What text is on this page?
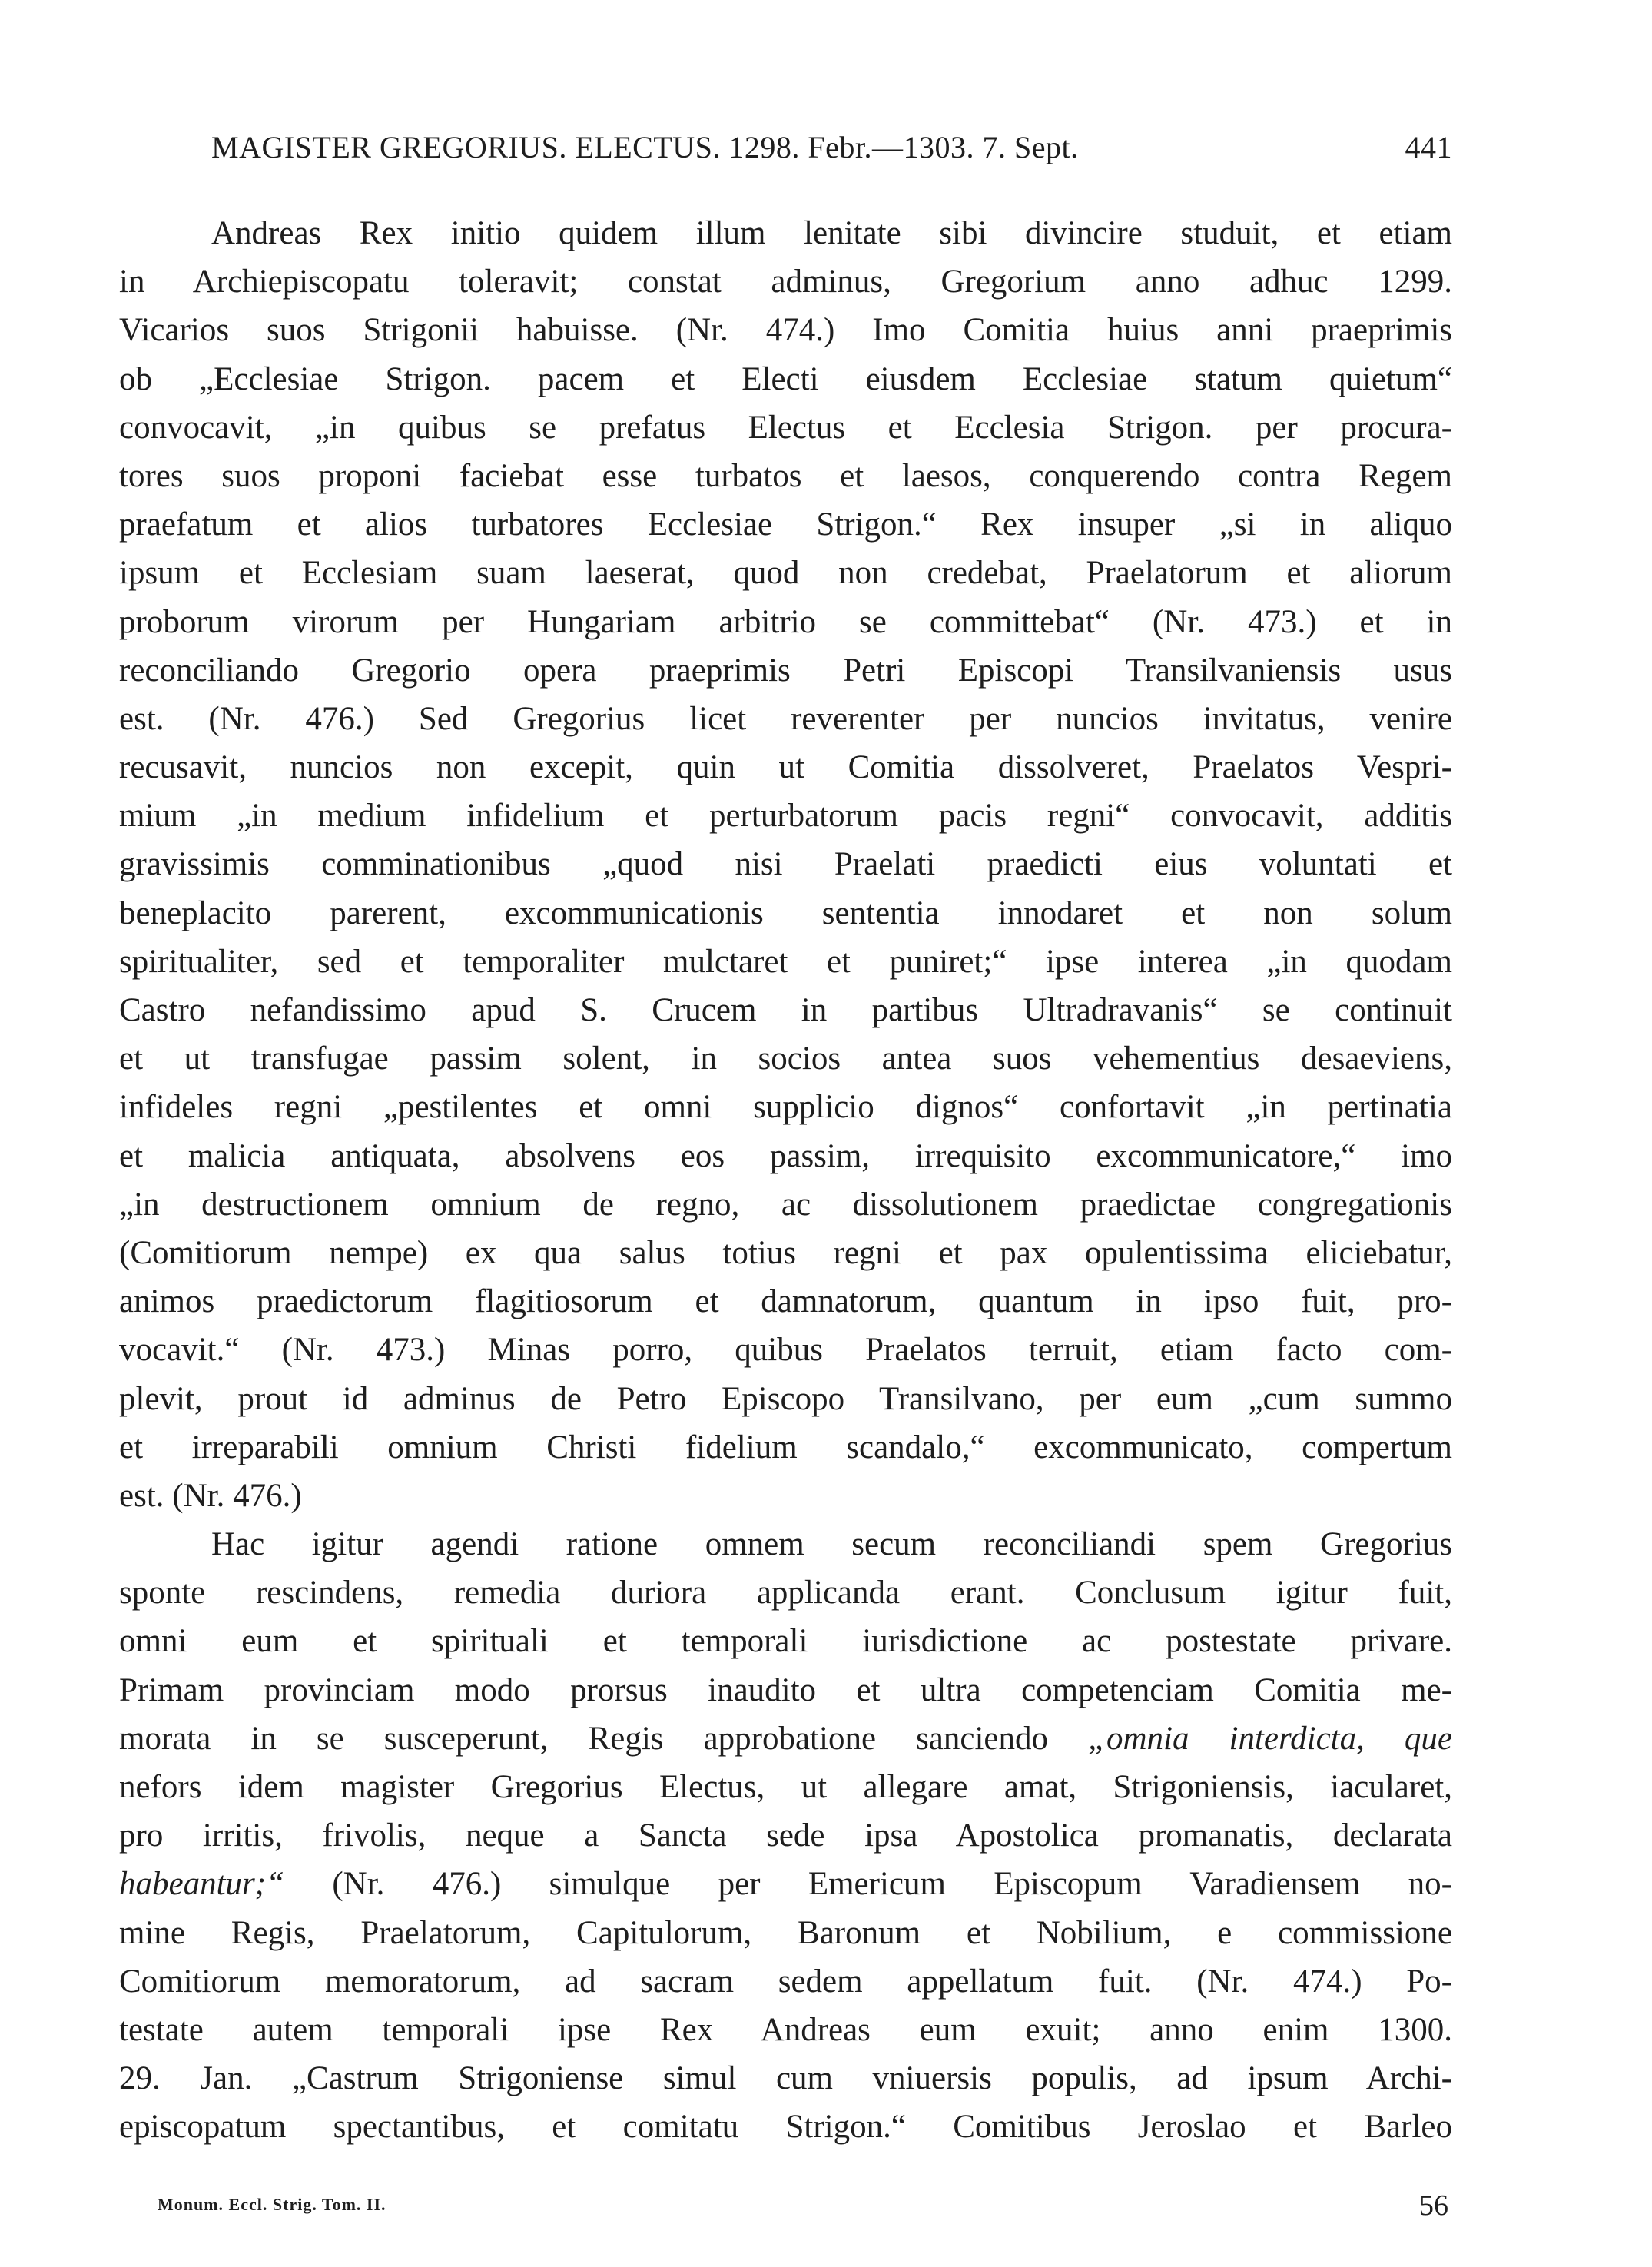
MAGISTER GREGORIUS. ELECTUS. 1298. Febr.—1303. 7. Sept.	441
Andreas Rex initio quidem illum lenitate sibi divincire studuit, et etiam
in Archiepiscopatu toleravit; constat adminus, Gregorium anno adhuc 1299.
Vicarios suos Strigonii habuisse. (Nr. 474.) Imo Comitia huius anni praeprimis
ob „Ecclesiae Strigon. pacem et Electi eiusdem Ecclesiae statum quietum“
convocavit, „in quibus se prefatus Electus et Ecclesia Strigon. per procura-
tores suos proponi faciebat esse turbatos et laesos, conquerendo contra Regem
praefatum et alios turbatores Ecclesiae Strigon.“ Rex insuper „si in aliquo
ipsum et Ecclesiam suam laeserat, quod non credebat, Praelatorum et aliorum
proborum virorum per Hungariam arbitrio se committebat“ (Nr. 473.) et in
reconciliando Gregorio opera praeprimis Petri Episcopi Transilvaniensis usus
est. (Nr. 476.) Sed Gregorius licet reverenter per nuncios invitatus, venire
recusavit, nuncios non excepit, quin ut Comitia dissolveret, Praelatos Vespri-
mium „in medium infidelium et perturbatorum pacis regni“ convocavit, additis
gravissimis comminationibus „quod nisi Praelati praedicti eius voluntati et
beneplacito parerent, excommunicationis sententia innodaret et non solum
spiritualiter, sed et temporaliter mulctaret et puniret;“ ipse interea „in quodam
Castro nefandissimo apud S. Crucem in partibus Ultradravanis“ se continuit
et ut transfugae passim solent, in socios antea suos vehementius desaeviens,
infideles regni „pestilentes et omni supplicio dignos“ confortavit „in pertinatia
et malicia antiquata, absolvens eos passim, irrequisito excommunicatore,“ imo
„in destructionem omnium de regno, ac dissolutionem praedictae congregationis
(Comitiorum nempe) ex qua salus totius regni et pax opulentissima eliciebatur,
animos praedictorum flagitiosorum et damnatorum, quantum in ipso fuit, pro-
vocavit.“ (Nr. 473.) Minas porro, quibus Praelatos terruit, etiam facto com-
plevit, prout id adminus de Petro Episcopo Transilvano, per eum „cum summo
et irreparabili omnium Christi fidelium scandalo,“ excommunicato, compertum
est. (Nr. 476.)
Hac igitur agendi ratione omnem secum reconciliandi spem Gregorius
sponte rescindens, remedia duriora applicanda erant. Conclusum igitur fuit,
omni eum et spirituali et temporali iurisdictione ac postestate privare.
Primam provinciam modo prorsus inaudito et ultra competenciam Comitia me-
morata in se susceperunt, Regis approbatione sanciendo „omnia interdicta, que
nefors idem magister Gregorius Electus, ut allegare amat, Strigoniensis, iacularet,
pro irritis, frivolis, neque a Sancta sede ipsa Apostolica promanatis, declarata
habeantur;“ (Nr. 476.) simulque per Emericum Episcopum Varadiensem no-
mine Regis, Praelatorum, Capitulorum, Baronum et Nobilium, e commissione
Comitiorum memoratorum, ad sacram sedem appellatum fuit. (Nr. 474.) Po-
testate autem temporali ipse Rex Andreas eum exuit; anno enim 1300.
29. Jan. „Castrum Strigoniense simul cum vniuersis populis, ad ipsum Archi-
episcopatum spectantibus, et comitatu Strigon.“ Comitibus Jeroslao et Barleo
Monum. Eccl. Strig. Tom. II.	56
